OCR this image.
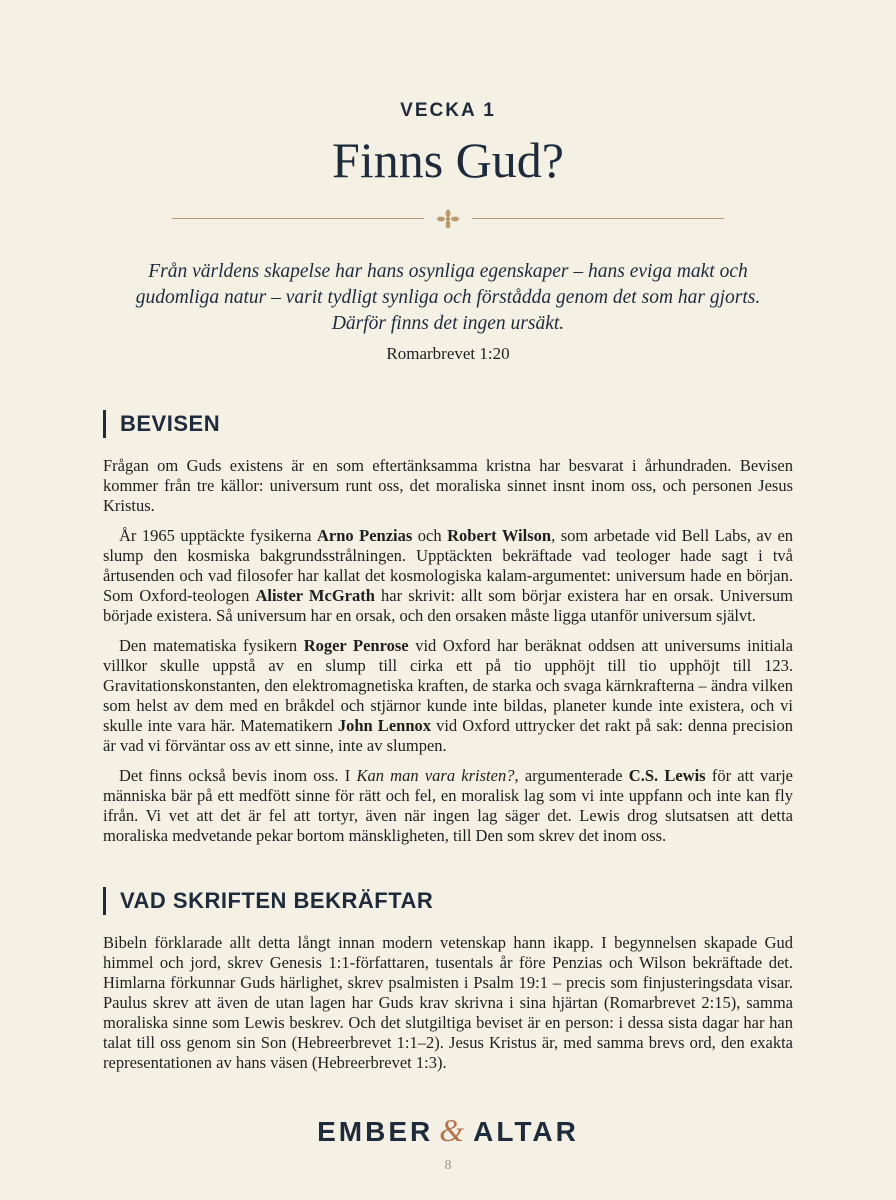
VECKA 1
Finns Gud?
Från världens skapelse har hans osynliga egenskaper – hans eviga makt och gudomliga natur – varit tydligt synliga och förstådda genom det som har gjorts. Därför finns det ingen ursäkt.
Romarbrevet 1:20
BEVISEN

Frågan om Guds existens är en som eftertänksamma kristna har besvarat i århundraden. Bevisen kommer från tre källor: universum runt oss, det moraliska sinnet insnt inom oss, och personen Jesus Kristus.

År 1965 upptäckte fysikerna Arno Penzias och Robert Wilson, som arbetade vid Bell Labs, av en slump den kosmiska bakgrundsstrålningen. Upptäckten bekräftade vad teologer hade sagt i två årtusenden och vad filosofer har kallat det kosmologiska kalam-argumentet: universum hade en början. Som Oxford-teologen Alister McGrath har skrivit: allt som börjar existera har en orsak. Universum började existera. Så universum har en orsak, och den orsaken måste ligga utanför universum självt.

Den matematiska fysikern Roger Penrose vid Oxford har beräknat oddsen att universums initiala villkor skulle uppstå av en slump till cirka ett på tio upphöjt till tio upphöjt till 123. Gravitationskonstanten, den elektromagnetiska kraften, de starka och svaga kärnkrafterna – ändra vilken som helst av dem med en bråkdel och stjärnor kunde inte bildas, planeter kunde inte existera, och vi skulle inte vara här. Matematikern John Lennox vid Oxford uttrycker det rakt på sak: denna precision är vad vi förväntar oss av ett sinne, inte av slumpen.

Det finns också bevis inom oss. I Kan man vara kristen?, argumenterade C.S. Lewis för att varje människa bär på ett medfött sinne för rätt och fel, en moralisk lag som vi inte uppfann och inte kan fly ifrån. Vi vet att det är fel att tortyr, även när ingen lag säger det. Lewis drog slutsatsen att detta moraliska medvetande pekar bortom mänskligheten, till Den som skrev det inom oss.

VAD SKRIFTEN BEKRÄFTAR

Bibeln förklarade allt detta långt innan modern vetenskap hann ikapp. I begynnelsen skapade Gud himmel och jord, skrev Genesis 1:1-författaren, tusentals år före Penzias och Wilson bekräftade det. Himlarna förkunnar Guds härlighet, skrev psalmisten i Psalm 19:1 – precis som finjusteringsdata visar. Paulus skrev att även de utan lagen har Guds krav skrivna i sina hjärtan (Romarbrevet 2:15), samma moraliska sinne som Lewis beskrev. Och det slutgiltiga beviset är en person: i dessa sista dagar har han talat till oss genom sin Son (Hebreerbrevet 1:1–2). Jesus Kristus är, med samma brevs ord, den exakta representationen av hans väsen (Hebreerbrevet 1:3).

EMBER & ALTAR
8
